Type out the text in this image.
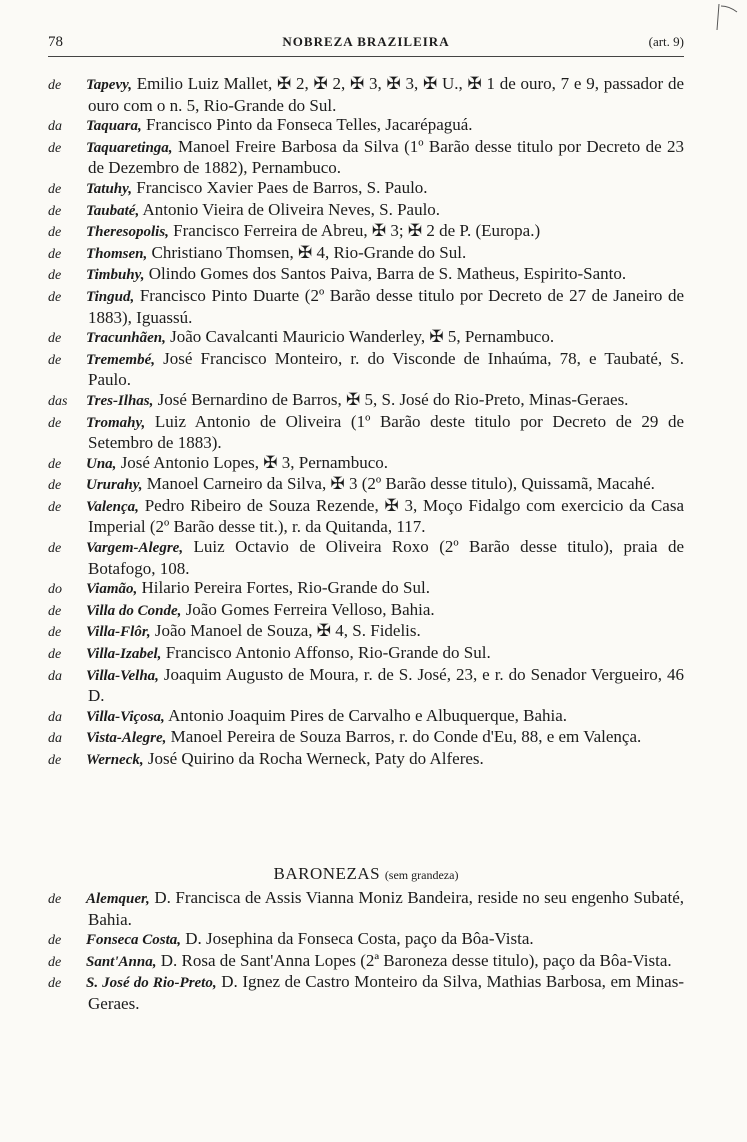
78	NOBREZA BRAZILEIRA	(art. 9)
de Tapevy, Emilio Luiz Mallet, ✠ 2, ✠ 2, ✠ 3, ✠ 3, ✠ U., ✠ 1 de ouro, 7 e 9, passador de ouro com o n. 5, Rio-Grande do Sul.
da Taquara, Francisco Pinto da Fonseca Telles, Jacarépaguá.
de Taquaretinga, Manoel Freire Barbosa da Silva (1º Barão desse titulo por Decreto de 23 de Dezembro de 1882), Pernambuco.
de Tatuhy, Francisco Xavier Paes de Barros, S. Paulo.
de Taubaté, Antonio Vieira de Oliveira Neves, S. Paulo.
de Theresopolis, Francisco Ferreira de Abreu, ✠ 3; ✠ 2 de P. (Europa.)
de Thomsen, Christiano Thomsen, ✠ 4, Rio-Grande do Sul.
de Timbuhy, Olindo Gomes dos Santos Paiva, Barra de S. Matheus, Espirito-Santo.
de Tingud, Francisco Pinto Duarte (2º Barão desse titulo por Decreto de 27 de Janeiro de 1883), Iguassú.
de Tracunhãen, João Cavalcanti Mauricio Wanderley, ✠ 5, Pernambuco.
de Tremembé, José Francisco Monteiro, r. do Visconde de Inhaúma, 78, e Taubaté, S. Paulo.
das Tres-Ilhas, José Bernardino de Barros, ✠ 5, S. José do Rio-Preto, Minas-Geraes.
de Tromahy, Luiz Antonio de Oliveira (1º Barão deste titulo por Decreto de 29 de Setembro de 1883).
de Una, José Antonio Lopes, ✠ 3, Pernambuco.
de Ururahy, Manoel Carneiro da Silva, ✠ 3 (2º Barão desse titulo), Quissamã, Macahé.
de Valença, Pedro Ribeiro de Souza Rezende, ✠ 3, Moço Fidalgo com exercicio da Casa Imperial (2º Barão desse tit.), r. da Quitanda, 117.
de Vargem-Alegre, Luiz Octavio de Oliveira Roxo (2º Barão desse titulo), praia de Botafogo, 108.
do Viamão, Hilario Pereira Fortes, Rio-Grande do Sul.
de Villa do Conde, João Gomes Ferreira Velloso, Bahia.
de Villa-Flôr, João Manoel de Souza, ✠ 4, S. Fidelis.
de Villa-Izabel, Francisco Antonio Affonso, Rio-Grande do Sul.
da Villa-Velha, Joaquim Augusto de Moura, r. de S. José, 23, e r. do Senador Vergueiro, 46 D.
da Villa-Viçosa, Antonio Joaquim Pires de Carvalho e Albuquerque, Bahia.
da Vista-Alegre, Manoel Pereira de Souza Barros, r. do Conde d'Eu, 88, e em Valença.
de Werneck, José Quirino da Rocha Werneck, Paty do Alferes.
BARONEZAS (sem grandeza)
de Alemquer, D. Francisca de Assis Vianna Moniz Bandeira, reside no seu engenho Subaté, Bahia.
de Fonseca Costa, D. Josephina da Fonseca Costa, paço da Bôa-Vista.
de Sant'Anna, D. Rosa de Sant'Anna Lopes (2ª Baroneza desse titulo), paço da Bôa-Vista.
de S. José do Rio-Preto, D. Ignez de Castro Monteiro da Silva, Mathias Barbosa, em Minas-Geraes.
